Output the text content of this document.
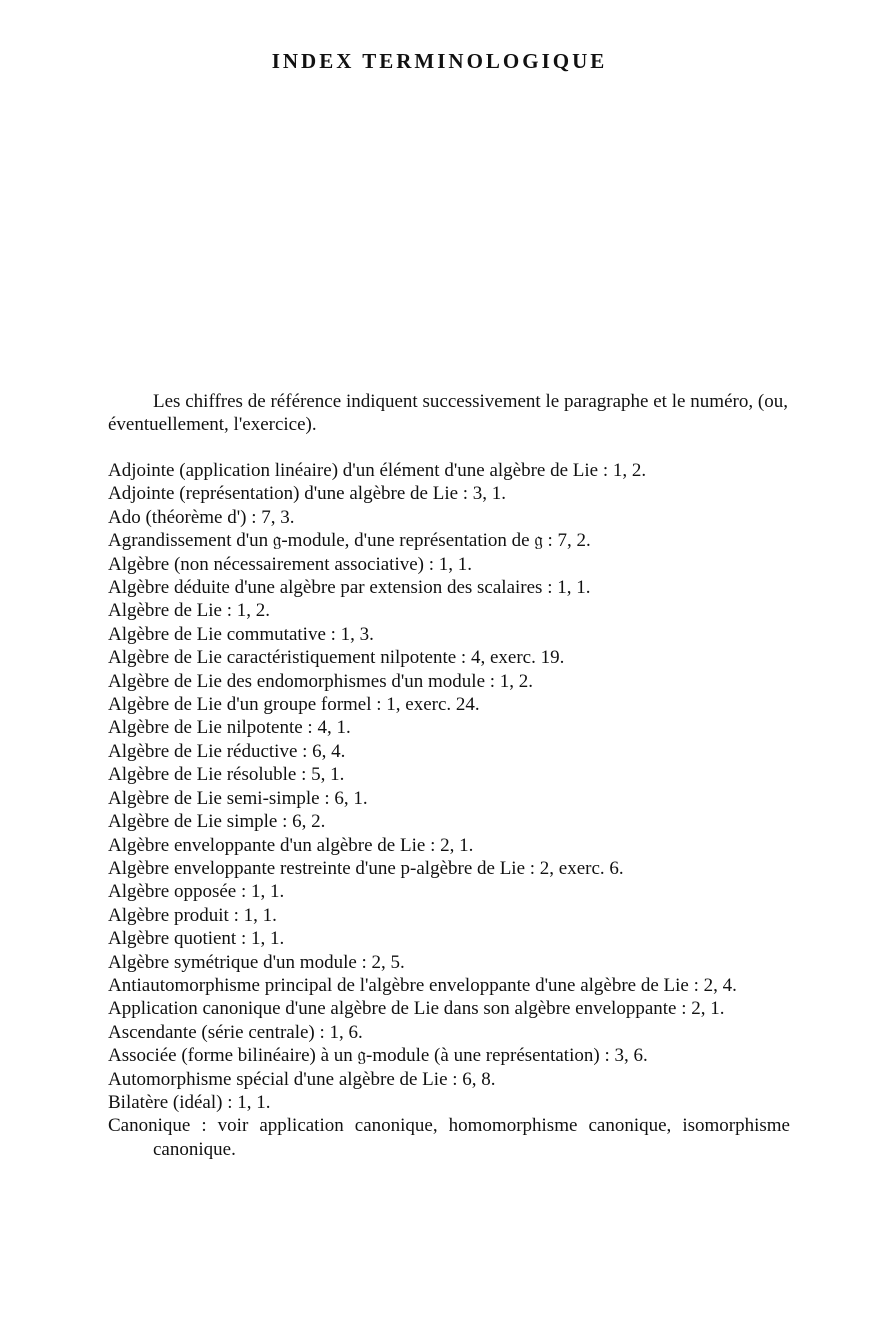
INDEX TERMINOLOGIQUE

Les chiffres de référence indiquent successivement le paragraphe et le numéro, (ou, éventuellement, l'exercice).

Adjointe (application linéaire) d'un élément d'une algèbre de Lie : 1, 2.
Adjointe (représentation) d'une algèbre de Lie : 3, 1.
Ado (théorème d') : 7, 3.
Agrandissement d'un 𝔤-module, d'une représentation de 𝔤 : 7, 2.
Algèbre (non nécessairement associative) : 1, 1.
Algèbre déduite d'une algèbre par extension des scalaires : 1, 1.
Algèbre de Lie : 1, 2.
Algèbre de Lie commutative : 1, 3.
Algèbre de Lie caractéristiquement nilpotente : 4, exerc. 19.
Algèbre de Lie des endomorphismes d'un module : 1, 2.
Algèbre de Lie d'un groupe formel : 1, exerc. 24.
Algèbre de Lie nilpotente : 4, 1.
Algèbre de Lie réductive : 6, 4.
Algèbre de Lie résoluble : 5, 1.
Algèbre de Lie semi-simple : 6, 1.
Algèbre de Lie simple : 6, 2.
Algèbre enveloppante d'un algèbre de Lie : 2, 1.
Algèbre enveloppante restreinte d'une p-algèbre de Lie : 2, exerc. 6.
Algèbre opposée : 1, 1.
Algèbre produit : 1, 1.
Algèbre quotient : 1, 1.
Algèbre symétrique d'un module : 2, 5.
Antiautomorphisme principal de l'algèbre enveloppante d'une algèbre de Lie : 2, 4.
Application canonique d'une algèbre de Lie dans son algèbre enveloppante : 2, 1.
Ascendante (série centrale) : 1, 6.
Associée (forme bilinéaire) à un 𝔤-module (à une représentation) : 3, 6.
Automorphisme spécial d'une algèbre de Lie : 6, 8.
Bilatère (idéal) : 1, 1.
Canonique : voir application canonique, homomorphisme canonique, isomorphisme canonique.
